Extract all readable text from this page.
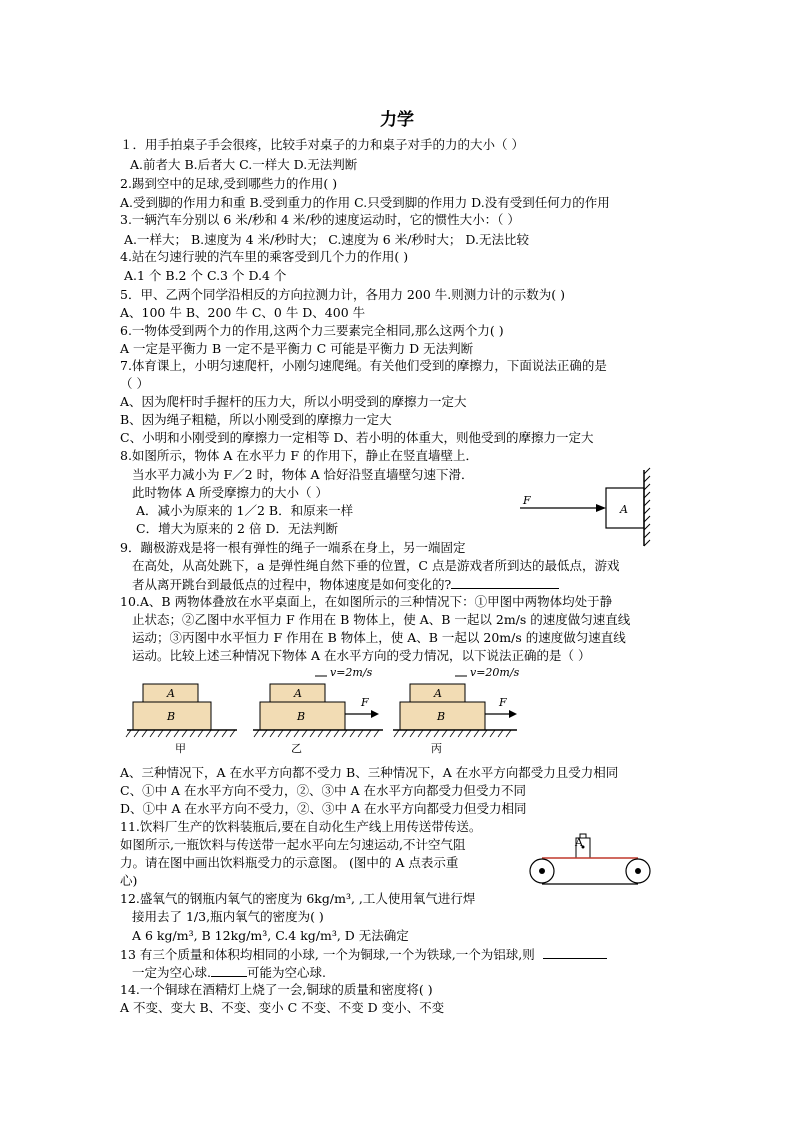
力学
１．用手拍桌子手会很疼，比较手对桌子的力和桌子对手的力的大小（ ）
A.前者大 B.后者大 C.一样大 D.无法判断
2.踢到空中的足球,受到哪些力的作用( )
A.受到脚的作用力和重 B.受到重力的作用 C.只受到脚的作用力 D.没有受到任何力的作用
3.一辆汽车分别以 6 米/秒和 4 米/秒的速度运动时，它的惯性大小：（ ）
A.一样大； B.速度为 4 米/秒时大； C.速度为 6 米/秒时大； D.无法比较
4.站在匀速行驶的汽车里的乘客受到几个力的作用( )
A.1 个 B.2 个 C.3 个 D.4 个
5．甲、乙两个同学沿相反的方向拉测力计，各用力 200 牛.则测力计的示数为( )
A、100 牛 B、200 牛 C、0 牛 D、400 牛
6.一物体受到两个力的作用,这两个力三要素完全相同,那么这两个力( )
A 一定是平衡力 B 一定不是平衡力 C 可能是平衡力 D 无法判断
7.体育课上，小明匀速爬杆，小刚匀速爬绳。有关他们受到的摩擦力，下面说法正确的是
（ ）
A、因为爬杆时手握杆的压力大，所以小明受到的摩擦力一定大
B、因为绳子粗糙，所以小刚受到的摩擦力一定大
C、小明和小刚受到的摩擦力一定相等 D、若小明的体重大，则他受到的摩擦力一定大
8.如图所示，物体 A 在水平力 F 的作用下，静止在竖直墙壁上．
当水平力减小为 F／2 时，物体 A 恰好沿竖直墙壁匀速下滑．
此时物体 A 所受摩擦力的大小（ ）
A．减小为原来的 1／2 B．和原来一样
C．增大为原来的 2 倍 D．无法判断
F
A
9．蹦极游戏是将一根有弹性的绳子一端系在身上，另一端固定
在高处，从高处跳下，a 是弹性绳自然下垂的位置，C 点是游戏者所到达的最低点，游戏
者从离开跳台到最低点的过程中，物体速度是如何变化的?
10.A、B 两物体叠放在水平桌面上，在如图所示的三种情况下：①甲图中两物体均处于静
止状态；②乙图中水平恒力 F 作用在 B 物体上，使 A、B 一起以 2m/s 的速度做匀速直线
运动；③丙图中水平恒力 F 作用在 B 物体上，使 A、B 一起以 20m/s 的速度做匀速直线
运动。比较上述三种情况下物体 A 在水平方向的受力情况，以下说法正确的是（ ）
A
B
甲
A
B
v=2m/s
F
乙
A
B
v=20m/s
F
丙
A、三种情况下，A 在水平方向都不受力 B、三种情况下，A 在水平方向都受力且受力相同
C、①中 A 在水平方向不受力，②、③中 A 在水平方向都受力但受力不同
D、①中 A 在水平方向不受力，②、③中 A 在水平方向都受力但受力相同
11.饮料厂生产的饮料装瓶后,要在自动化生产线上用传送带传送。
如图所示,一瓶饮料与传送带一起水平向左匀速运动,不计空气阻
力。请在图中画出饮料瓶受力的示意图。 (图中的 A 点表示重
心)
A
12.盛氧气的钢瓶内氧气的密度为 6kg/m³, ,工人使用氧气进行焊
接用去了 1/3,瓶内氧气的密度为( )
A 6 kg/m³, B 12kg/m³, C.4 kg/m³, D 无法确定
13 有三个质量和体积均相同的小球, 一个为铜球,一个为铁球,一个为铝球,则
一定为空心球.	可能为空心球.
14.一个铜球在酒精灯上烧了一会,铜球的质量和密度将( )
A 不变、变大 B、不变、变小 C 不变、不变 D 变小、不变
